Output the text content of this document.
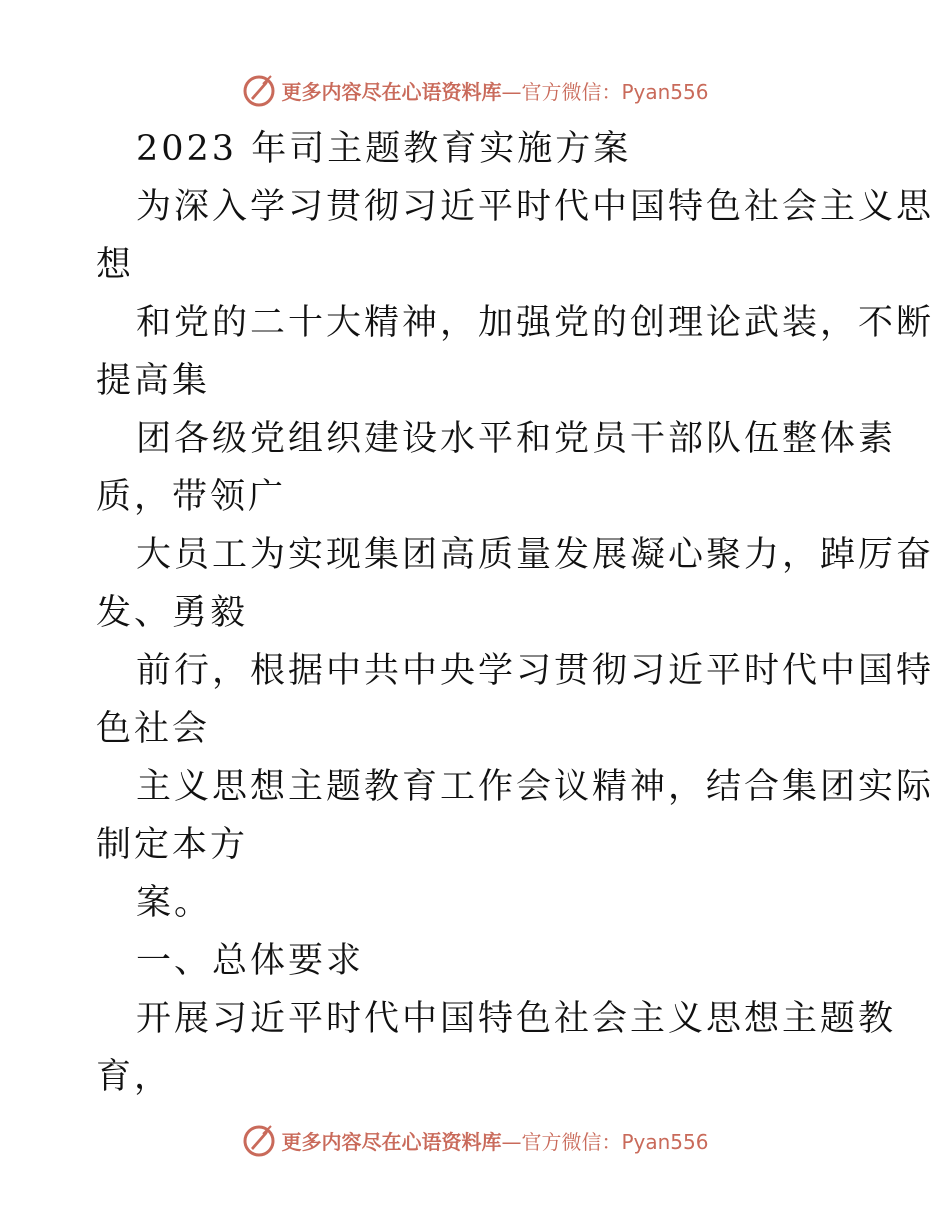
更多内容尽在心语资料库—官方微信：Pyan556
2023 年司主题教育实施方案
为深入学习贯彻习近平时代中国特色社会主义思
想
和党的二十大精神，加强党的创理论武装，不断
提高集
团各级党组织建设水平和党员干部队伍整体素
质，带领广
大员工为实现集团高质量发展凝心聚力，踔厉奋
发、勇毅
前行，根据中共中央学习贯彻习近平时代中国特
色社会
主义思想主题教育工作会议精神，结合集团实际
制定本方
案。
一、总体要求
开展习近平时代中国特色社会主义思想主题教
育，
更多内容尽在心语资料库—官方微信：Pyan556
